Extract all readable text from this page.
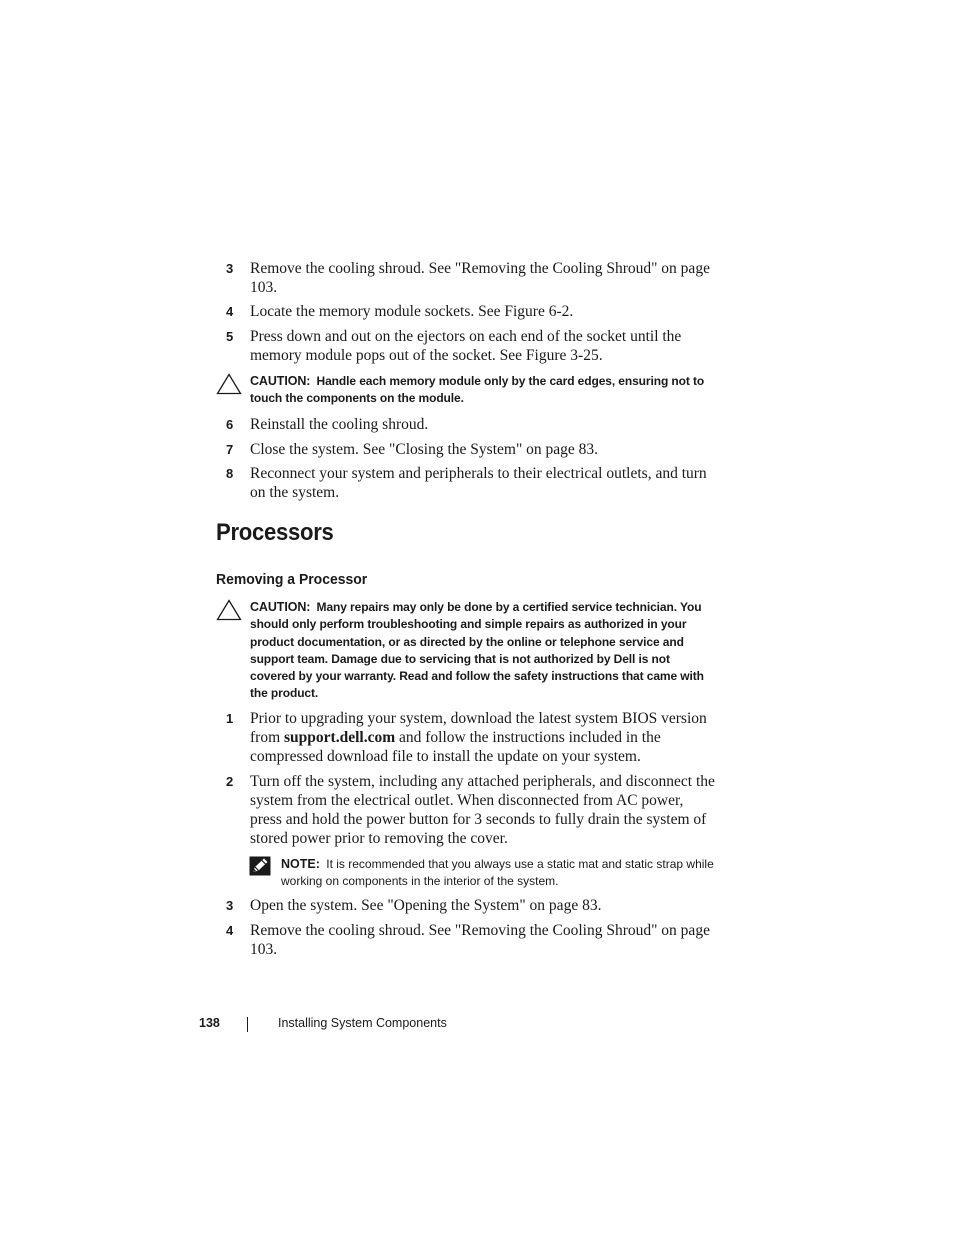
3 Remove the cooling shroud. See "Removing the Cooling Shroud" on page 103.
4 Locate the memory module sockets. See Figure 6-2.
5 Press down and out on the ejectors on each end of the socket until the memory module pops out of the socket. See Figure 3-25.
CAUTION: Handle each memory module only by the card edges, ensuring not to touch the components on the module.
6 Reinstall the cooling shroud.
7 Close the system. See "Closing the System" on page 83.
8 Reconnect your system and peripherals to their electrical outlets, and turn on the system.
Processors
Removing a Processor
CAUTION: Many repairs may only be done by a certified service technician. You should only perform troubleshooting and simple repairs as authorized in your product documentation, or as directed by the online or telephone service and support team. Damage due to servicing that is not authorized by Dell is not covered by your warranty. Read and follow the safety instructions that came with the product.
1 Prior to upgrading your system, download the latest system BIOS version from support.dell.com and follow the instructions included in the compressed download file to install the update on your system.
2 Turn off the system, including any attached peripherals, and disconnect the system from the electrical outlet. When disconnected from AC power, press and hold the power button for 3 seconds to fully drain the system of stored power prior to removing the cover.
NOTE: It is recommended that you always use a static mat and static strap while working on components in the interior of the system.
3 Open the system. See "Opening the System" on page 83.
4 Remove the cooling shroud. See "Removing the Cooling Shroud" on page 103.
138	Installing System Components
